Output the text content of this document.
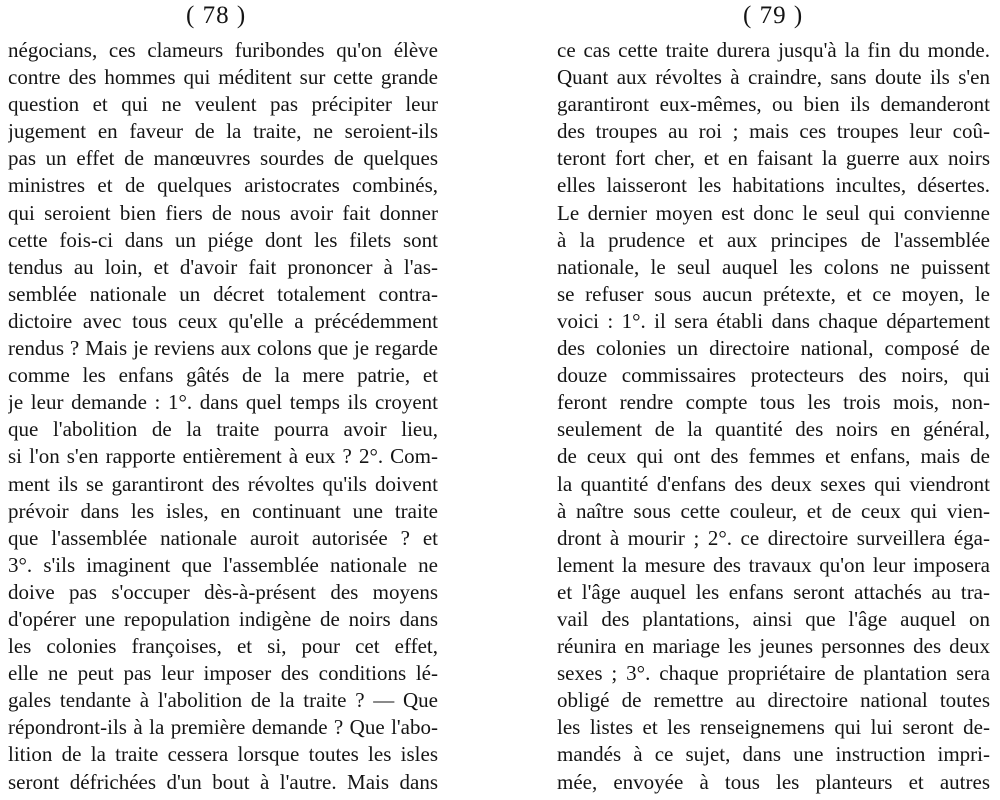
( 78 )
négocians, ces clameurs furibondes qu'on élève
contre des hommes qui méditent sur cette grande
question et qui ne veulent pas précipiter leur
jugement en faveur de la traite, ne seroient-ils
pas un effet de manœuvres sourdes de quelques
ministres et de quelques aristocrates combinés,
qui seroient bien fiers de nous avoir fait donner
cette fois-ci dans un piége dont les filets sont
tendus au loin, et d'avoir fait prononcer à l'as-
semblée nationale un décret totalement contra-
dictoire avec tous ceux qu'elle a précédemment
rendus ? Mais je reviens aux colons que je regarde
comme les enfans gâtés de la mere patrie, et
je leur demande : 1°. dans quel temps ils croyent
que l'abolition de la traite pourra avoir lieu,
si l'on s'en rapporte entièrement à eux ? 2°. Com-
ment ils se garantiront des révoltes qu'ils doivent
prévoir dans les isles, en continuant une traite
que l'assemblée nationale auroit autorisée ? et
3°. s'ils imaginent que l'assemblée nationale ne
doive pas s'occuper dès-à-présent des moyens
d'opérer une repopulation indigène de noirs dans
les colonies françoises, et si, pour cet effet,
elle ne peut pas leur imposer des conditions lé-
gales tendante à l'abolition de la traite ? — Que
répondront-ils à la première demande ? Que l'abo-
lition de la traite cessera lorsque toutes les isles
seront défrichées d'un bout à l'autre. Mais dans
( 79 )
ce cas cette traite durera jusqu'à la fin du monde.
Quant aux révoltes à craindre, sans doute ils s'en
garantiront eux-mêmes, ou bien ils demanderont
des troupes au roi ; mais ces troupes leur coû-
teront fort cher, et en faisant la guerre aux noirs
elles laisseront les habitations incultes, désertes.
Le dernier moyen est donc le seul qui convienne
à la prudence et aux principes de l'assemblée
nationale, le seul auquel les colons ne puissent
se refuser sous aucun prétexte, et ce moyen, le
voici : 1°. il sera établi dans chaque département
des colonies un directoire national, composé de
douze commissaires protecteurs des noirs, qui
feront rendre compte tous les trois mois, non-
seulement de la quantité des noirs en général,
de ceux qui ont des femmes et enfans, mais de
la quantité d'enfans des deux sexes qui viendront
à naître sous cette couleur, et de ceux qui vien-
dront à mourir ; 2°. ce directoire surveillera éga-
lement la mesure des travaux qu'on leur imposera
et l'âge auquel les enfans seront attachés au tra-
vail des plantations, ainsi que l'âge auquel on
réunira en mariage les jeunes personnes des deux
sexes ; 3°. chaque propriétaire de plantation sera
obligé de remettre au directoire national toutes
les listes et les renseignemens qui lui seront de-
mandés à ce sujet, dans une instruction impri-
mée, envoyée à tous les planteurs et autres
